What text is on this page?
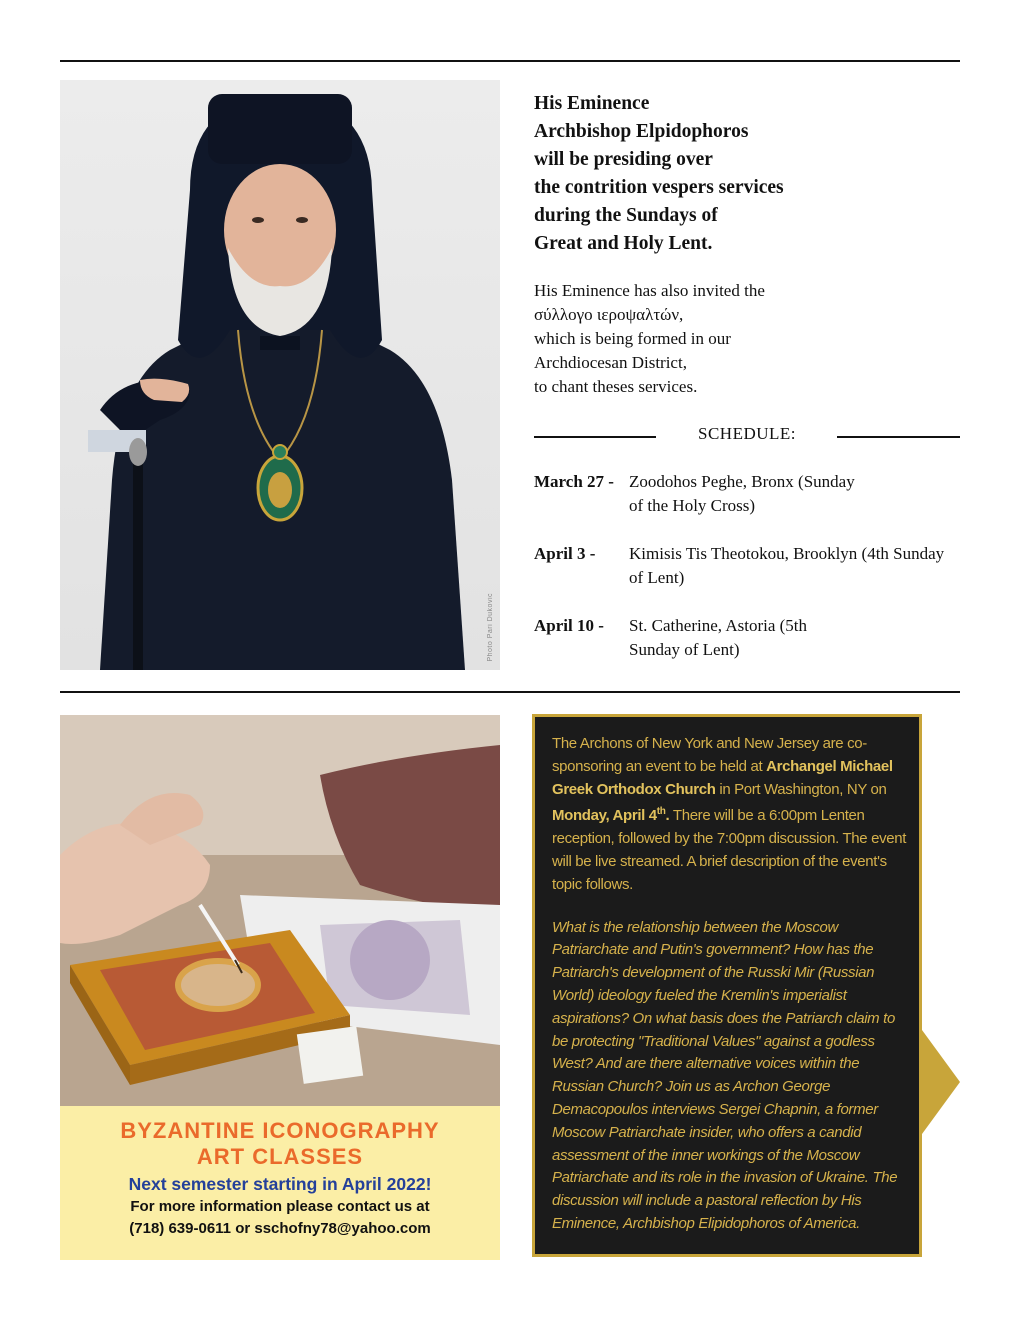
Photo Pari Dukovic
His Eminence
Archbishop Elpidophoros
will be presiding over
the contrition vespers services
during the Sundays of
Great and Holy Lent.
His Eminence has also invited the
σύλλογο ιεροψαλτών,
which is being formed in our
Archdiocesan District,
to chant theses services.
SCHEDULE:
March 27 - Zoodohos Peghe, Bronx (Sunday of the Holy Cross)
April 3 - Kimisis Tis Theotokou, Brooklyn (4th Sunday of Lent)
April 10 - St. Catherine, Astoria (5th Sunday of Lent)
BYZANTINE ICONOGRAPHY
ART CLASSES
Next semester starting in April 2022!
For more information please contact us at
(718) 639-0611 or sschofny78@yahoo.com

The Archons of New York and New Jersey are co-sponsoring an event to be held at Archangel Michael Greek Orthodox Church in Port Washington, NY on Monday, April 4th. There will be a 6:00pm Lenten reception, followed by the 7:00pm discussion. The event will be live streamed. A brief description of the event's topic follows.

What is the relationship between the Moscow Patriarchate and Putin's government? How has the Patriarch's development of the Russki Mir (Russian World) ideology fueled the Kremlin's imperialist aspirations? On what basis does the Patriarch claim to be protecting "Traditional Values" against a godless West? And are there alternative voices within the Russian Church? Join us as Archon George Demacopoulos interviews Sergei Chapnin, a former Moscow Patriarchate insider, who offers a candid assessment of the inner workings of the Moscow Patriarchate and its role in the invasion of Ukraine. The discussion will include a pastoral reflection by His Eminence, Archbishop Elipidophoros of America.
